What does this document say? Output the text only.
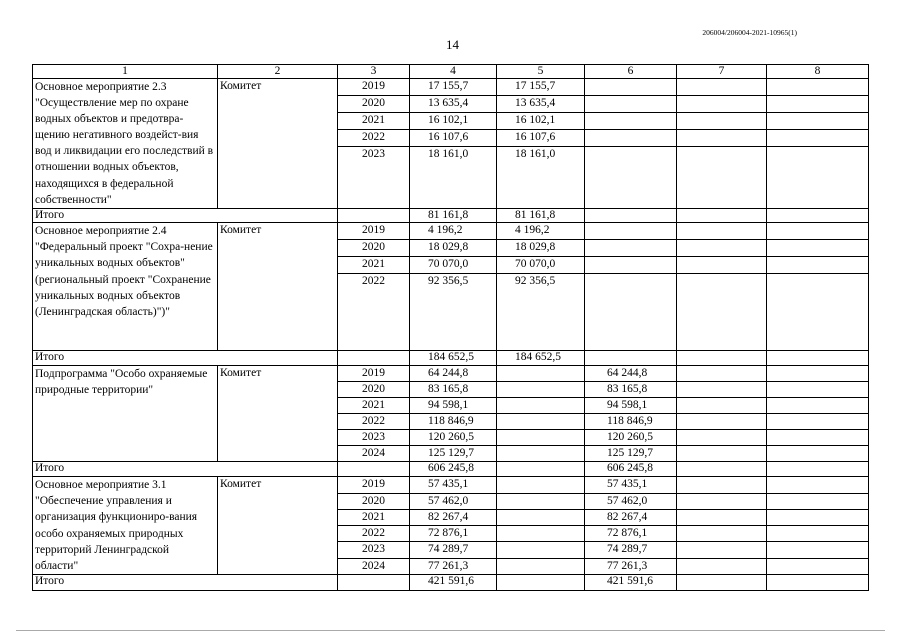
206004/206004-2021-10965(1)
14
1	2	3	4	5	6	7	8
Основное мероприятие 2.3 "Осуществление мер по охране водных объектов и предотвра-щению негативного воздейст-вия вод и ликвидации его последствий в отношении водных объектов, находящихся в федеральной собственности"	Комитет	2019	17 155,7	17 155,7			
		2020	13 635,4	13 635,4			
		2021	16 102,1	16 102,1			
		2022	16 107,6	16 107,6			
		2023	18 161,0	18 161,0			
Итого			81 161,8	81 161,8			
Основное мероприятие 2.4 "Федеральный проект "Сохра-нение уникальных водных объектов" (региональный проект "Сохранение уникальных водных объектов (Ленинградская область)")"	Комитет	2019	4 196,2	4 196,2			
		2020	18 029,8	18 029,8			
		2021	70 070,0	70 070,0			
		2022	92 356,5	92 356,5			
Итого			184 652,5	184 652,5			
Подпрограмма "Особо охраняемые природные территории"	Комитет	2019	64 244,8		64 244,8		
		2020	83 165,8		83 165,8		
		2021	94 598,1		94 598,1		
		2022	118 846,9		118 846,9		
		2023	120 260,5		120 260,5		
		2024	125 129,7		125 129,7		
Итого			606 245,8		606 245,8		
Основное мероприятие 3.1 "Обеспечение управления и организация функциониро-вания особо охраняемых природных территорий Ленинградской области"	Комитет	2019	57 435,1		57 435,1		
		2020	57 462,0		57 462,0		
		2021	82 267,4		82 267,4		
		2022	72 876,1		72 876,1		
		2023	74 289,7		74 289,7		
		2024	77 261,3		77 261,3		
Итого			421 591,6		421 591,6		
